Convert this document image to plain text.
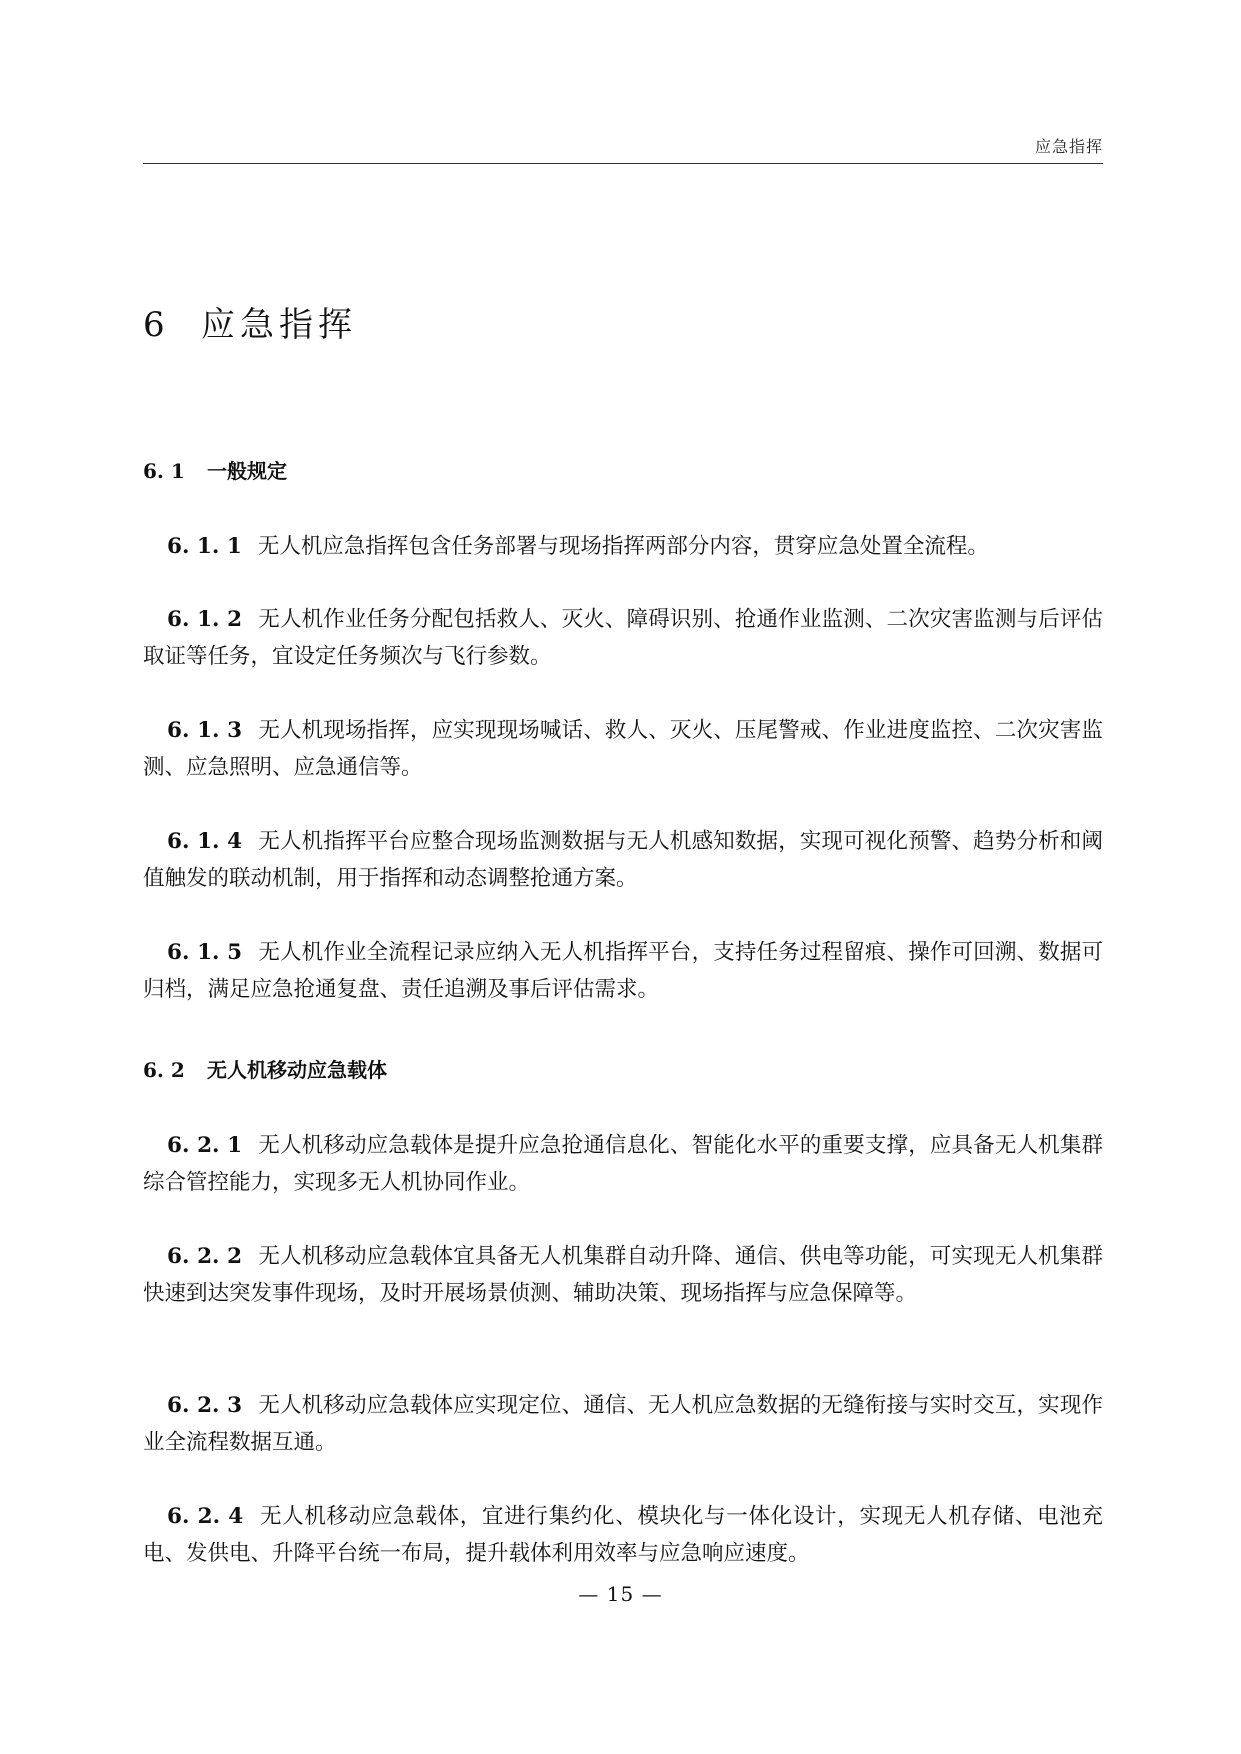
应急指挥
6 应急指挥
6. 1 一般规定

6. 1. 1 无人机应急指挥包含任务部署与现场指挥两部分内容，贯穿应急处置全流程。

6. 1. 2 无人机作业任务分配包括救人、灭火、障碍识别、抢通作业监测、二次灾害监测与后评估取证等任务，宜设定任务频次与飞行参数。

6. 1. 3 无人机现场指挥，应实现现场喊话、救人、灭火、压尾警戒、作业进度监控、二次灾害监测、应急照明、应急通信等。

6. 1. 4 无人机指挥平台应整合现场监测数据与无人机感知数据，实现可视化预警、趋势分析和阈值触发的联动机制，用于指挥和动态调整抢通方案。

6. 1. 5 无人机作业全流程记录应纳入无人机指挥平台，支持任务过程留痕、操作可回溯、数据可归档，满足应急抢通复盘、责任追溯及事后评估需求。

6. 2 无人机移动应急载体

6. 2. 1 无人机移动应急载体是提升应急抢通信息化、智能化水平的重要支撑，应具备无人机集群综合管控能力，实现多无人机协同作业。

6. 2. 2 无人机移动应急载体宜具备无人机集群自动升降、通信、供电等功能，可实现无人机集群快速到达突发事件现场，及时开展场景侦测、辅助决策、现场指挥与应急保障等。

6. 2. 3 无人机移动应急载体应实现定位、通信、无人机应急数据的无缝衔接与实时交互，实现作业全流程数据互通。

6. 2. 4 无人机移动应急载体，宜进行集约化、模块化与一体化设计，实现无人机存储、电池充电、发供电、升降平台统一布局，提升载体利用效率与应急响应速度。

— 15 —
